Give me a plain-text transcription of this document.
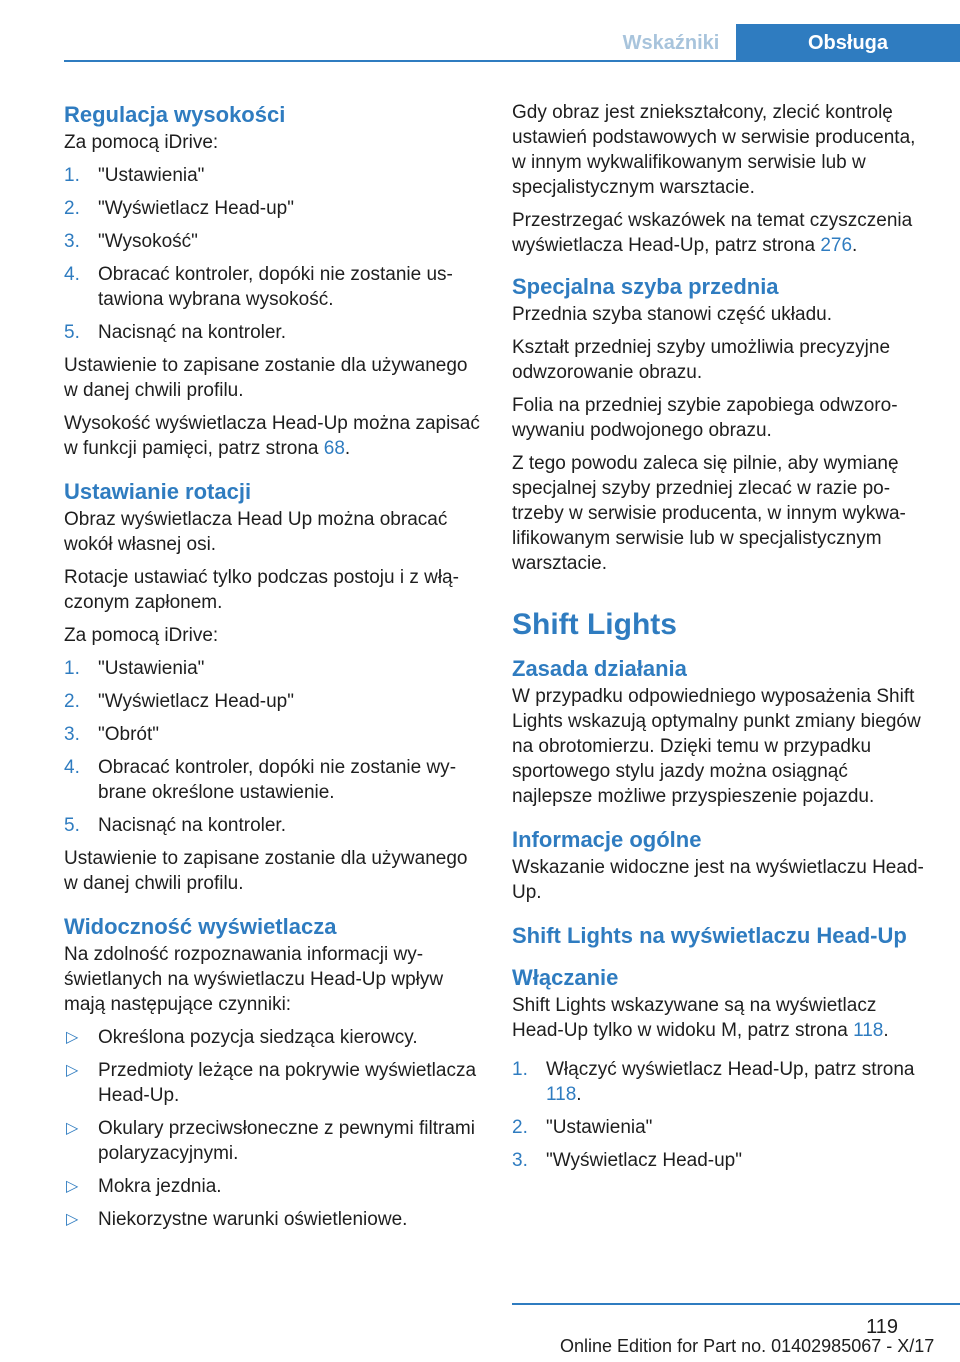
Wskaźniki	Obsługa
Regulacja wysokości

Za pomocą iDrive:

1. "Ustawienia"
2. "Wyświetlacz Head-up"
3. "Wysokość"
4. Obracać kontroler, dopóki nie zostanie ustawiona wybrana wysokość.
5. Nacisnąć na kontroler.

Ustawienie to zapisane zostanie dla używanego w danej chwili profilu.

Wysokość wyświetlacza Head-Up można zapisać w funkcji pamięci, patrz strona 68.

Ustawianie rotacji

Obraz wyświetlacza Head Up można obracać wokół własnej osi.

Rotacje ustawiać tylko podczas postoju i z włączonym zapłonem.

Za pomocą iDrive:

1. "Ustawienia"
2. "Wyświetlacz Head-up"
3. "Obrót"
4. Obracać kontroler, dopóki nie zostanie wybrane określone ustawienie.
5. Nacisnąć na kontroler.

Ustawienie to zapisane zostanie dla używanego w danej chwili profilu.

Widoczność wyświetlacza

Na zdolność rozpoznawania informacji wyświetlanych na wyświetlaczu Head-Up wpływ mają następujące czynniki:

▷ Określona pozycja siedząca kierowcy.
▷ Przedmioty leżące na pokrywie wyświetlacza Head-Up.
▷ Okulary przeciwsłoneczne z pewnymi filtrami polaryzacyjnymi.
▷ Mokra jezdnia.
▷ Niekorzystne warunki oświetleniowe.

Gdy obraz jest zniekształcony, zlecić kontrolę ustawień podstawowych w serwisie producenta, w innym wykwalifikowanym serwisie lub w specjalistycznym warsztacie.

Przestrzegać wskazówek na temat czyszczenia wyświetlacza Head-Up, patrz strona 276.

Specjalna szyba przednia

Przednia szyba stanowi część układu.

Kształt przedniej szyby umożliwia precyzyjne odwzorowanie obrazu.

Folia na przedniej szybie zapobiega odwzorowywaniu podwojonego obrazu.

Z tego powodu zaleca się pilnie, aby wymianę specjalnej szyby przedniej zlecać w razie potrzeby w serwisie producenta, w innym wykwalifikowanym serwisie lub w specjalistycznym warsztacie.

Shift Lights
Zasada działania

W przypadku odpowiedniego wyposażenia Shift Lights wskazują optymalny punkt zmiany biegów na obrotomierzu. Dzięki temu w przypadku sportowego stylu jazdy można osiągnąć najlepsze możliwe przyspieszenie pojazdu.

Informacje ogólne

Wskazanie widoczne jest na wyświetlaczu Head-Up.

Shift Lights na wyświetlaczu Head-Up
Włączanie

Shift Lights wskazywane są na wyświetlacz Head-Up tylko w widoku M, patrz strona 118.

1. Włączyć wyświetlacz Head-Up, patrz strona 118.
2. "Ustawienia"
3. "Wyświetlacz Head-up"
119
Online Edition for Part no. 01402985067 - X/17
